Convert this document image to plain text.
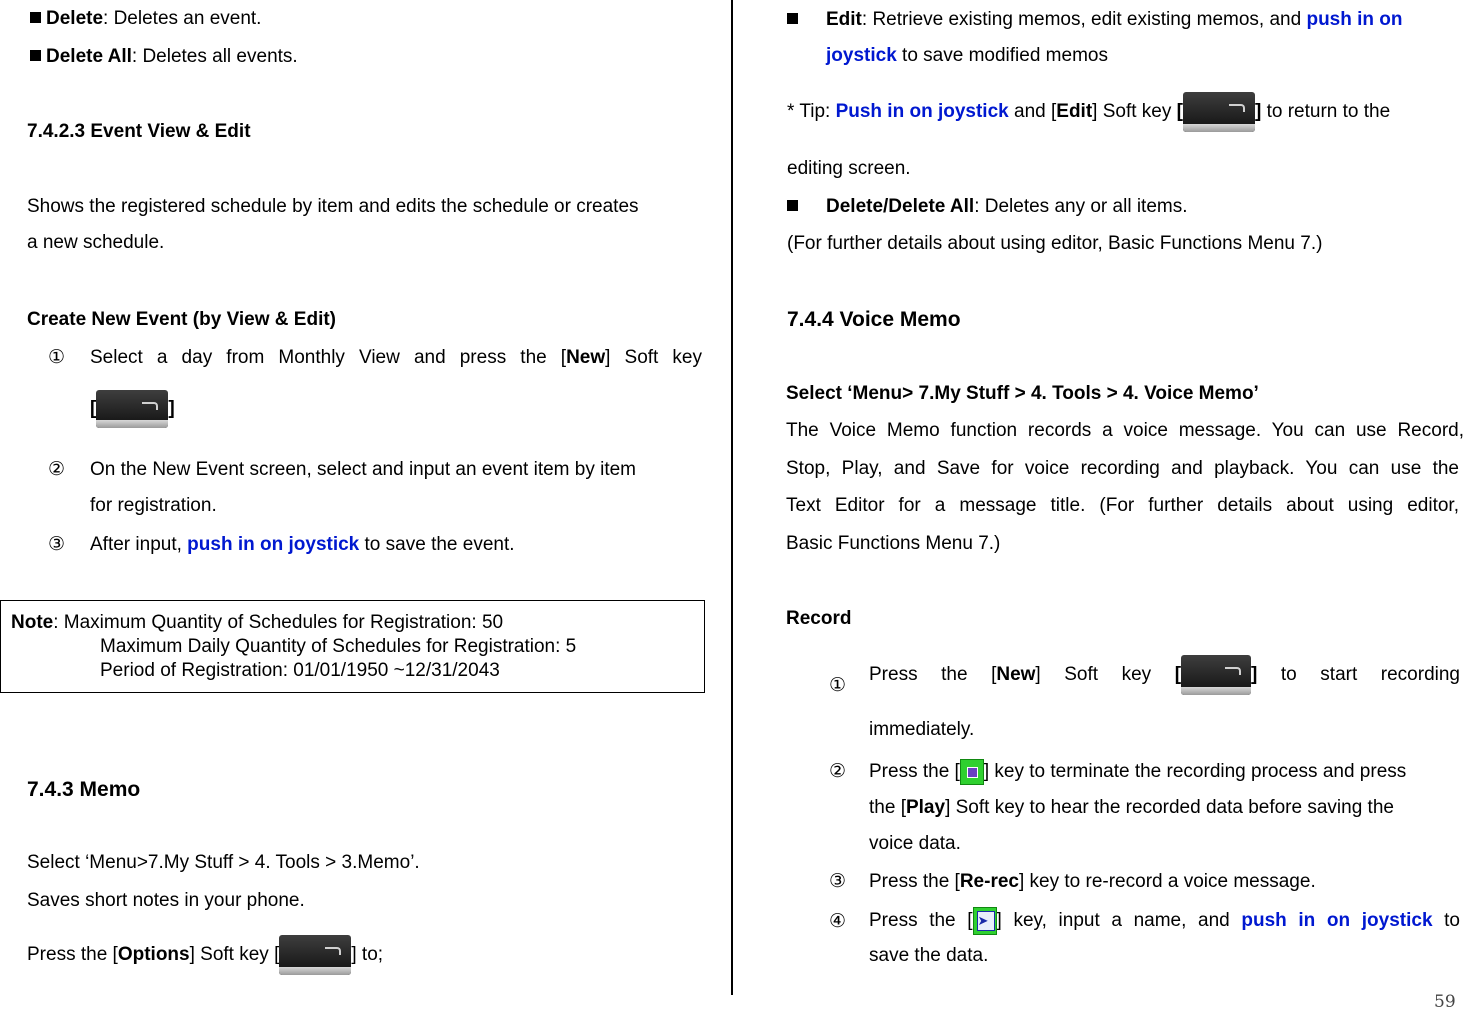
Delete: Deletes an event.
Delete All: Deletes all events.
7.4.2.3 Event View & Edit
Shows the registered schedule by item and edits the schedule or creates
a new schedule.
Create New Event (by View & Edit)
① Select a day from Monthly View and press the [New] Soft key
[	]
② On the New Event screen, select and input an event item by item
for registration.
③ After input, push in on joystick to save the event.
Note: Maximum Quantity of Schedules for Registration: 50
Maximum Daily Quantity of Schedules for Registration: 5
Period of Registration: 01/01/1950 ~12/31/2043
7.4.3 Memo
Select ‘Menu>7.My Stuff > 4. Tools > 3.Memo’.
Saves short notes in your phone.
Press the [Options] Soft key [	] to;
Edit: Retrieve existing memos, edit existing memos, and push in on
joystick to save modified memos
* Tip: Push in on joystick and [Edit] Soft key [	] to return to the
editing screen.
Delete/Delete All: Deletes any or all items.
(For further details about using editor, Basic Functions Menu 7.)
7.4.4 Voice Memo
Select ‘Menu> 7.My Stuff > 4. Tools > 4. Voice Memo’
The Voice Memo function records a voice message. You can use Record,
Stop, Play, and Save for voice recording and playback. You can use the
Text Editor for a message title. (For further details about using editor,
Basic Functions Menu 7.)
Record
①
Press the [New] Soft key [	] to start recording
immediately.
② Press the [ ] key to terminate the recording process and press
the [Play] Soft key to hear the recorded data before saving the
voice data.
③ Press the [Re-rec] key to re-record a voice message.
④ Press the [➤ ] key, input a name, and push in on joystick to
save the data.
59
